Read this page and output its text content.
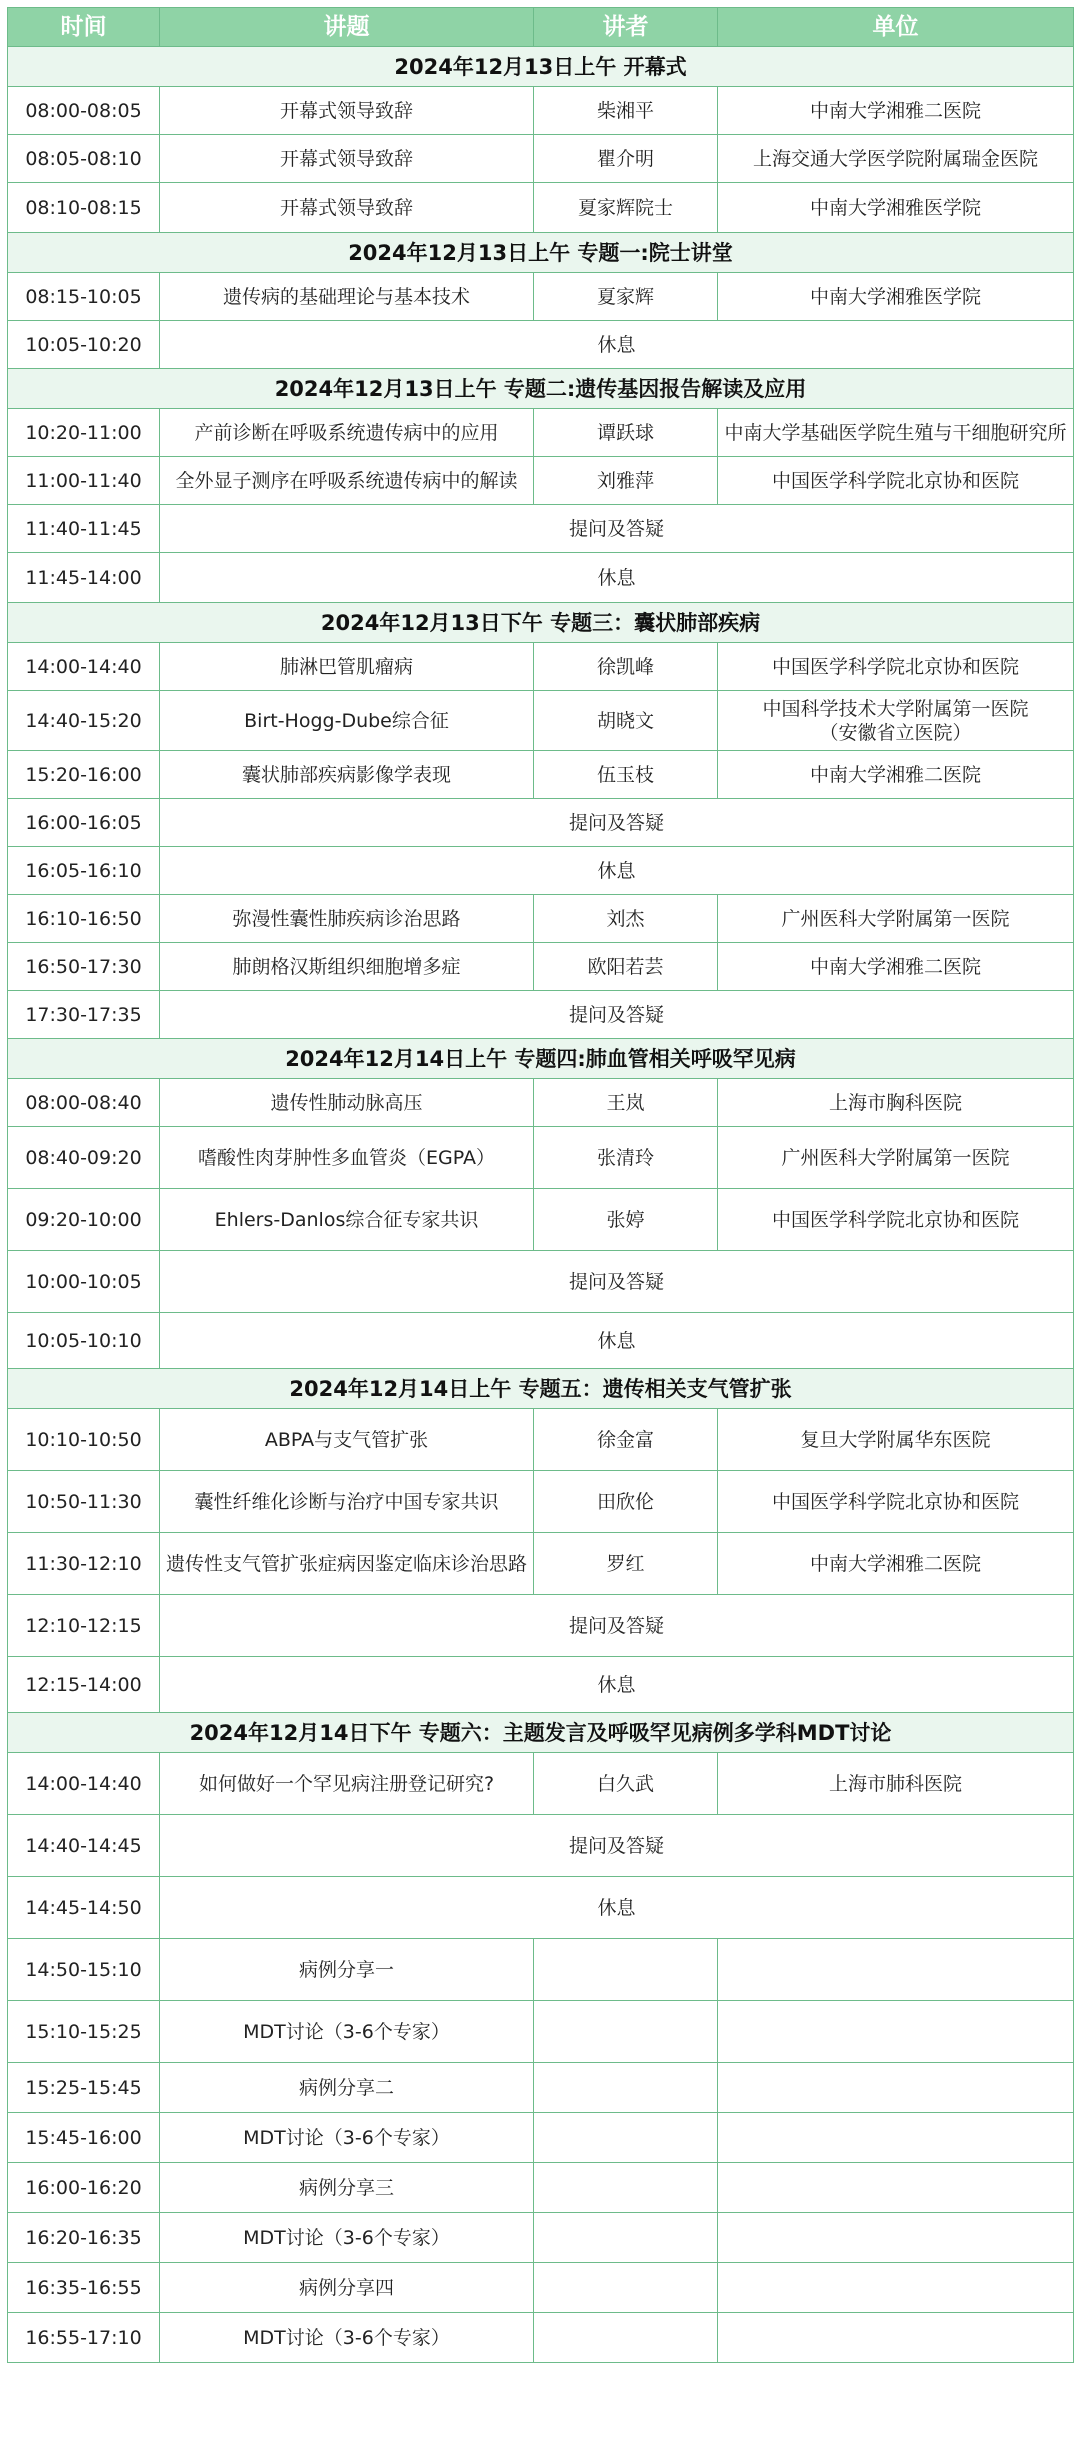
时间	讲题	讲者	单位
2024年12月13日上午 开幕式			
08:00-08:05	开幕式领导致辞	柴湘平	中南大学湘雅二医院
08:05-08:10	开幕式领导致辞	瞿介明	上海交通大学医学院附属瑞金医院
08:10-08:15	开幕式领导致辞	夏家辉院士	中南大学湘雅医学院
2024年12月13日上午 专题一:院士讲堂			
08:15-10:05	遗传病的基础理论与基本技术	夏家辉	中南大学湘雅医学院
10:05-10:20	休息		
2024年12月13日上午 专题二:遗传基因报告解读及应用			
10:20-11:00	产前诊断在呼吸系统遗传病中的应用	谭跃球	中南大学基础医学院生殖与干细胞研究所
11:00-11:40	全外显子测序在呼吸系统遗传病中的解读	刘雅萍	中国医学科学院北京协和医院
11:40-11:45	提问及答疑		
11:45-14:00	休息		
2024年12月13日下午 专题三：囊状肺部疾病			
14:00-14:40	肺淋巴管肌瘤病	徐凯峰	中国医学科学院北京协和医院
14:40-15:20	Birt-Hogg-Dube综合征	胡晓文	中国科学技术大学附属第一医院
（安徽省立医院）

15:20-16:00	囊状肺部疾病影像学表现	伍玉枝	中南大学湘雅二医院
16:00-16:05	提问及答疑		
16:05-16:10	休息		
16:10-16:50	弥漫性囊性肺疾病诊治思路	刘杰	广州医科大学附属第一医院
16:50-17:30	肺朗格汉斯组织细胞增多症	欧阳若芸	中南大学湘雅二医院
17:30-17:35	提问及答疑		
2024年12月14日上午 专题四:肺血管相关呼吸罕见病			
08:00-08:40	遗传性肺动脉高压	王岚	上海市胸科医院
08:40-09:20	嗜酸性肉芽肿性多血管炎（EGPA）	张清玲	广州医科大学附属第一医院
09:20-10:00	Ehlers-Danlos综合征专家共识	张婷	中国医学科学院北京协和医院
10:00-10:05	提问及答疑		
10:05-10:10	休息		
2024年12月14日上午 专题五：遗传相关支气管扩张			
10:10-10:50	ABPA与支气管扩张	徐金富	复旦大学附属华东医院
10:50-11:30	囊性纤维化诊断与治疗中国专家共识	田欣伦	中国医学科学院北京协和医院
11:30-12:10	遗传性支气管扩张症病因鉴定临床诊治思路	罗红	中南大学湘雅二医院
12:10-12:15	提问及答疑		
12:15-14:00	休息		
2024年12月14日下午 专题六：主题发言及呼吸罕见病例多学科MDT讨论			
14:00-14:40	如何做好一个罕见病注册登记研究?	白久武	上海市肺科医院
14:40-14:45	提问及答疑		
14:45-14:50	休息		
14:50-15:10	病例分享一		
15:10-15:25	MDT讨论（3-6个专家）		
15:25-15:45	病例分享二		
15:45-16:00	MDT讨论（3-6个专家）		
16:00-16:20	病例分享三		
16:20-16:35	MDT讨论（3-6个专家）		
16:35-16:55	病例分享四		
16:55-17:10	MDT讨论（3-6个专家）		
